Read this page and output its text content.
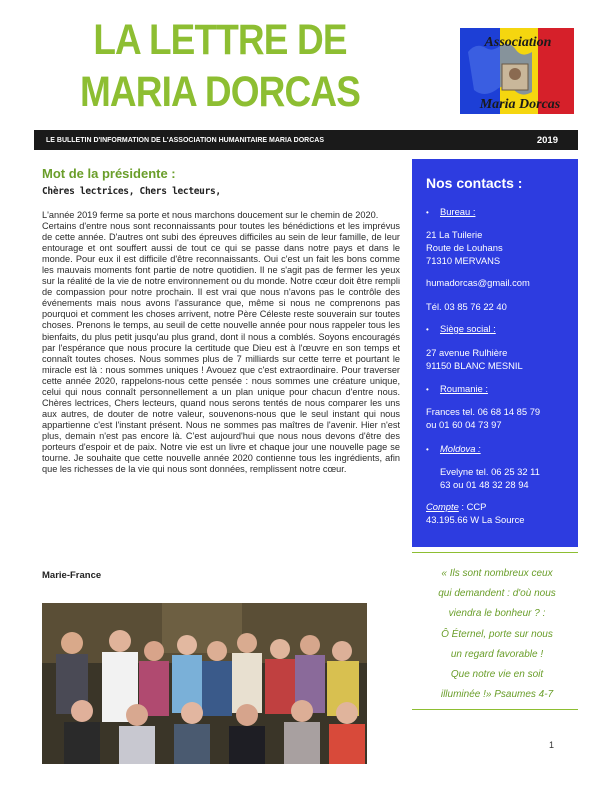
LA LETTRE DE
MARIA DORCAS
Association
Maria Dorcas
LE BULLETIN D'INFORMATION DE L'ASSOCIATION HUMANITAIRE MARIA DORCAS	2019
Mot de la présidente :
Chères lectrices, Chers lecteurs,

L'année 2019 ferme sa porte et nous marchons doucement sur le chemin de 2020.

Certains d'entre nous sont reconnaissants pour toutes les bénédictions et les imprévus de cette année. D'autres ont subi des épreuves difficiles au sein de leur famille, de leur entourage et ont souffert aussi de tout ce qui se passe dans notre pays et dans le monde. Pour eux il est difficile d'être reconnaissants. Oui c'est un fait les bons comme les mauvais moments font partie de notre quotidien. Il ne s'agit pas de fermer les yeux sur la réalité de la vie de notre environnement ou du monde. Notre cœur doit être rempli de compassion pour notre prochain. Il est vrai que nous n'avons pas le contrôle des événements mais nous avons l'assurance que, même si nous ne comprenons pas pourquoi et comment les choses arrivent, notre Père Céleste reste souverain sur toutes choses. Prenons le temps, au seuil de cette nouvelle année pour nous rappeler tous les bienfaits, du plus petit jusqu'au plus grand, dont il nous a comblés. Soyons encouragés par l'espérance que nous procure la certitude que Dieu est à l'œuvre en son temps et connaît toutes choses. Nous sommes plus de 7 milliards sur cette terre et pourtant le miracle est là : nous sommes uniques ! Avouez que c'est extraordinaire. Pour traverser cette année 2020, rappelons-nous cette pensée : nous sommes une créature unique, celui qui nous connaît personnellement a un plan unique pour chacun d'entre nous. Chères lectrices, Chers lecteurs, quand nous serons tentés de nous comparer les uns aux autres, de douter de notre valeur, souvenons-nous que le seul instant qui nous appartienne c'est l'instant présent. Nous ne sommes pas maîtres de l'avenir. Hier n'est plus, demain n'est pas encore là. C'est aujourd'hui que nous nous devons d'être des porteurs d'espoir et de paix. Notre vie est un livre et chaque jour une nouvelle page se tourne. Je souhaite que cette nouvelle année 2020 contienne tous les ingrédients, afin que les richesses de la vie qui nous sont données, remplissent notre cœur.

Marie-France
Nos contacts :
• Bureau :
21 La Tuilerie
Route de Louhans
71310 MERVANS
humadorcas@gmail.com
Tél. 03 85 76 22 40
• Siège social :
27 avenue Rulhière
91150 BLANC MESNIL
• Roumanie :
Frances tel. 06 68 14 85 79
ou 01 60 04 73 97
• Moldova :
Evelyne tel. 06 25 32 11
63 ou 01 48 32 28 94
Compte : CCP
43.195.66 W La Source
« Ils sont nombreux ceux
qui demandent : d'où nous
viendra le bonheur ? :
Ô Éternel, porte sur nous
un regard favorable !
Que notre vie en soit
illuminée !» Psaumes 4-7
1
